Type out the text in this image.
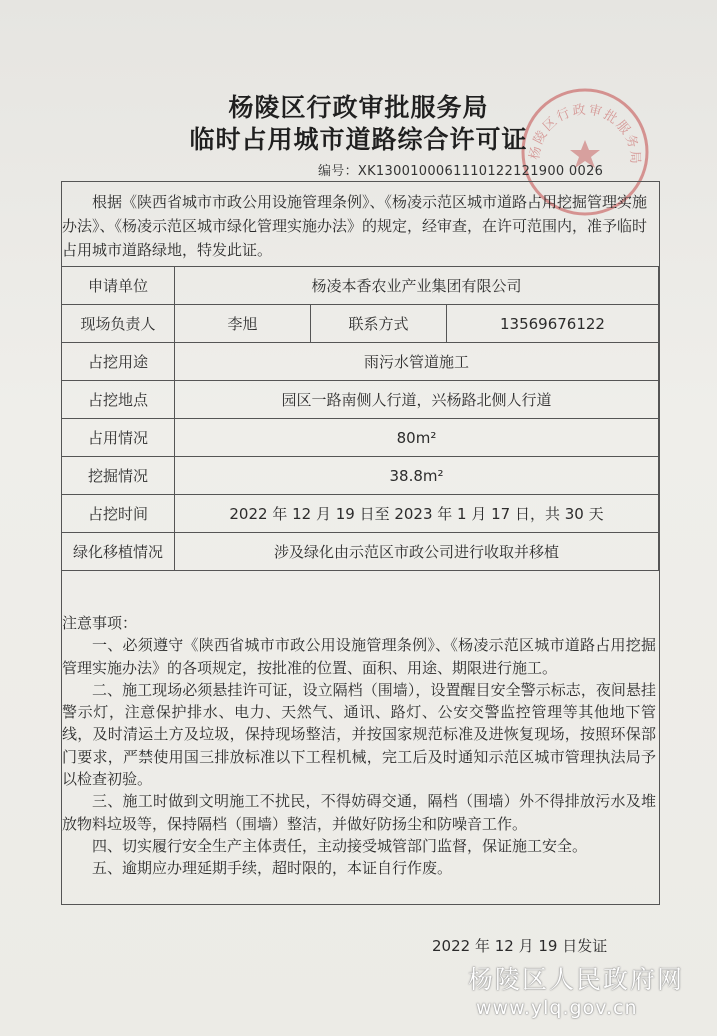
杨陵区行政审批服务局
杨陵区行政审批服务局
临时占用城市道路综合许可证
编号：XK1300100061110122121900 0026
根据《陕西省城市市政公用设施管理条例》、《杨凌示范区城市道路占用挖掘管理实施办法》、《杨凌示范区城市绿化管理实施办法》的规定，经审查，在许可范围内，准予临时占用城市道路绿地，特发此证。
申请单位	杨凌本香农业产业集团有限公司		
现场负责人	李旭	联系方式	13569676122
占挖用途	雨污水管道施工		
占挖地点	园区一路南侧人行道，兴杨路北侧人行道		
占用情况	80m²		
挖掘情况	38.8m²		
占挖时间	2022 年 12 月 19 日至 2023 年 1 月 17 日，共 30 天		
绿化移植情况	涉及绿化由示范区市政公司进行收取并移植		

注意事项：

一、必须遵守《陕西省城市市政公用设施管理条例》、《杨凌示范区城市道路占用挖掘管理实施办法》的各项规定，按批准的位置、面积、用途、期限进行施工。

二、施工现场必须悬挂许可证，设立隔档（围墙），设置醒目安全警示标志，夜间悬挂警示灯，注意保护排水、电力、天然气、通讯、路灯、公安交警监控管理等其他地下管线，及时清运土方及垃圾，保持现场整洁，并按国家规范标准及进恢复现场，按照环保部门要求，严禁使用国三排放标准以下工程机械，完工后及时通知示范区城市管理执法局予以检查初验。

三、施工时做到文明施工不扰民，不得妨碍交通，隔档（围墙）外不得排放污水及堆放物料垃圾等，保持隔档（围墙）整洁，并做好防扬尘和防噪音工作。

四、切实履行安全生产主体责任，主动接受城管部门监督，保证施工安全。

五、逾期应办理延期手续，超时限的，本证自行作废。

2022 年 12 月 19 日发证
杨陵区人民政府网
www.ylq.gov.cn
